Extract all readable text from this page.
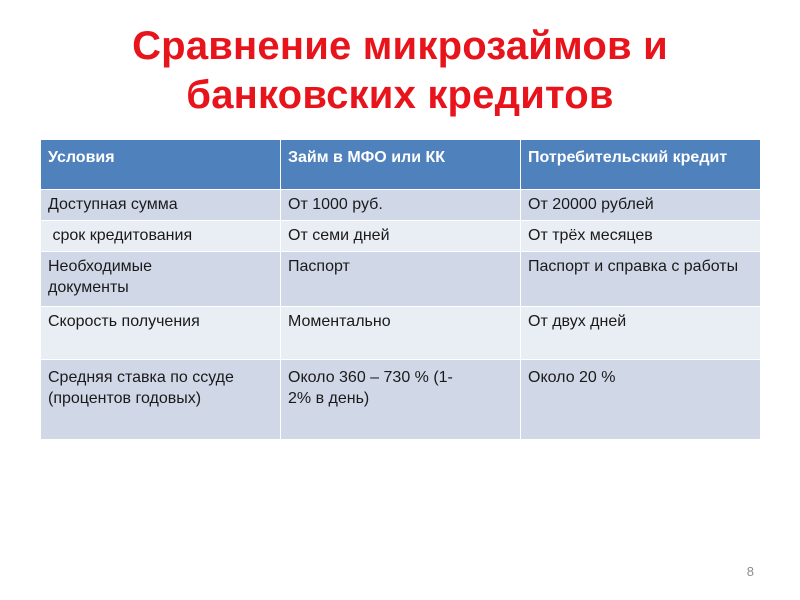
Сравнение микрозаймов и
банковских кредитов
Условия	Займ в МФО или КК	Потребительский кредит
Доступная сумма	От 1000 руб.	От 20000 рублей
срок кредитования	От семи дней	От трёх месяцев
Необходимые документы	Паспорт	Паспорт и справка с работы
Скорость получения	Моментально	От двух дней
Средняя ставка по ссуде (процентов годовых)	Около 360 – 730 % (1-2% в день)	Около 20 %
8
